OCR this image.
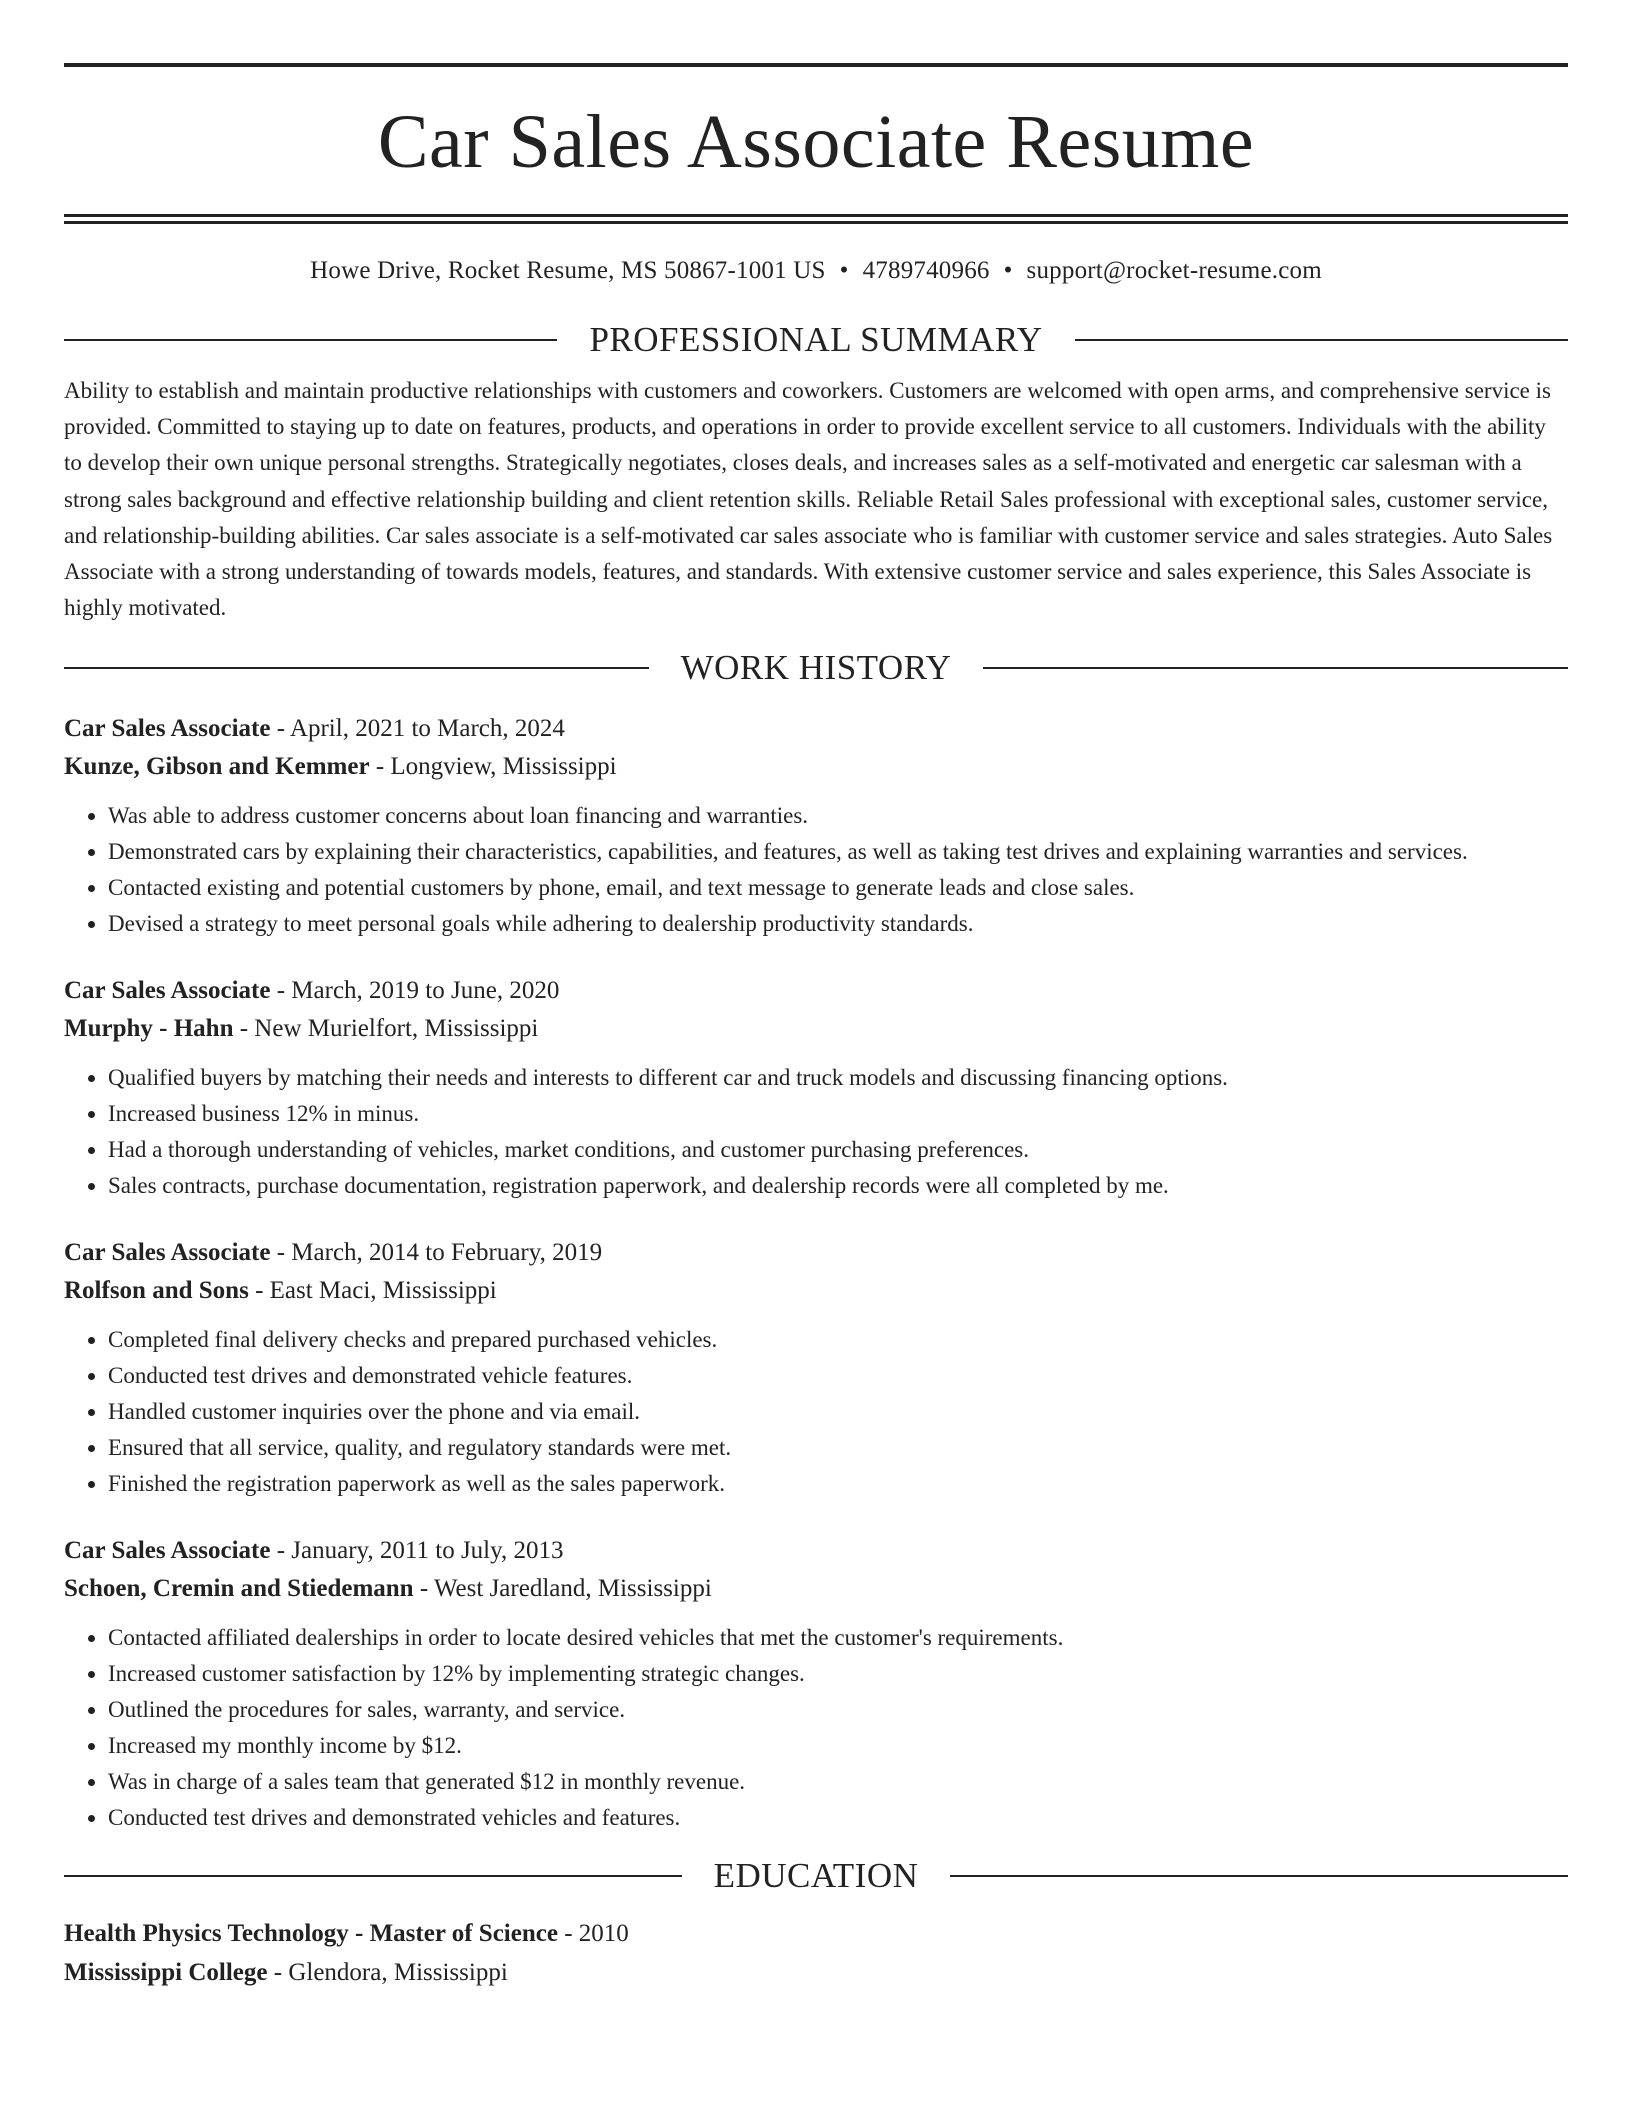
Car Sales Associate Resume
Howe Drive, Rocket Resume, MS 50867-1001 US • 4789740966 • support@rocket-resume.com
PROFESSIONAL SUMMARY
Ability to establish and maintain productive relationships with customers and coworkers. Customers are welcomed with open arms, and comprehensive service is provided. Committed to staying up to date on features, products, and operations in order to provide excellent service to all customers. Individuals with the ability to develop their own unique personal strengths. Strategically negotiates, closes deals, and increases sales as a self-motivated and energetic car salesman with a strong sales background and effective relationship building and client retention skills. Reliable Retail Sales professional with exceptional sales, customer service, and relationship-building abilities. Car sales associate is a self-motivated car sales associate who is familiar with customer service and sales strategies. Auto Sales Associate with a strong understanding of towards models, features, and standards. With extensive customer service and sales experience, this Sales Associate is highly motivated.
WORK HISTORY
Car Sales Associate - April, 2021 to March, 2024
Kunze, Gibson and Kemmer - Longview, Mississippi
• Was able to address customer concerns about loan financing and warranties.
• Demonstrated cars by explaining their characteristics, capabilities, and features, as well as taking test drives and explaining warranties and services.
• Contacted existing and potential customers by phone, email, and text message to generate leads and close sales.
• Devised a strategy to meet personal goals while adhering to dealership productivity standards.
Car Sales Associate - March, 2019 to June, 2020
Murphy - Hahn - New Murielfort, Mississippi
• Qualified buyers by matching their needs and interests to different car and truck models and discussing financing options.
• Increased business 12% in minus.
• Had a thorough understanding of vehicles, market conditions, and customer purchasing preferences.
• Sales contracts, purchase documentation, registration paperwork, and dealership records were all completed by me.
Car Sales Associate - March, 2014 to February, 2019
Rolfson and Sons - East Maci, Mississippi
• Completed final delivery checks and prepared purchased vehicles.
• Conducted test drives and demonstrated vehicle features.
• Handled customer inquiries over the phone and via email.
• Ensured that all service, quality, and regulatory standards were met.
• Finished the registration paperwork as well as the sales paperwork.
Car Sales Associate - January, 2011 to July, 2013
Schoen, Cremin and Stiedemann - West Jaredland, Mississippi
• Contacted affiliated dealerships in order to locate desired vehicles that met the customer's requirements.
• Increased customer satisfaction by 12% by implementing strategic changes.
• Outlined the procedures for sales, warranty, and service.
• Increased my monthly income by $12.
• Was in charge of a sales team that generated $12 in monthly revenue.
• Conducted test drives and demonstrated vehicles and features.
EDUCATION
Health Physics Technology - Master of Science - 2010
Mississippi College - Glendora, Mississippi
